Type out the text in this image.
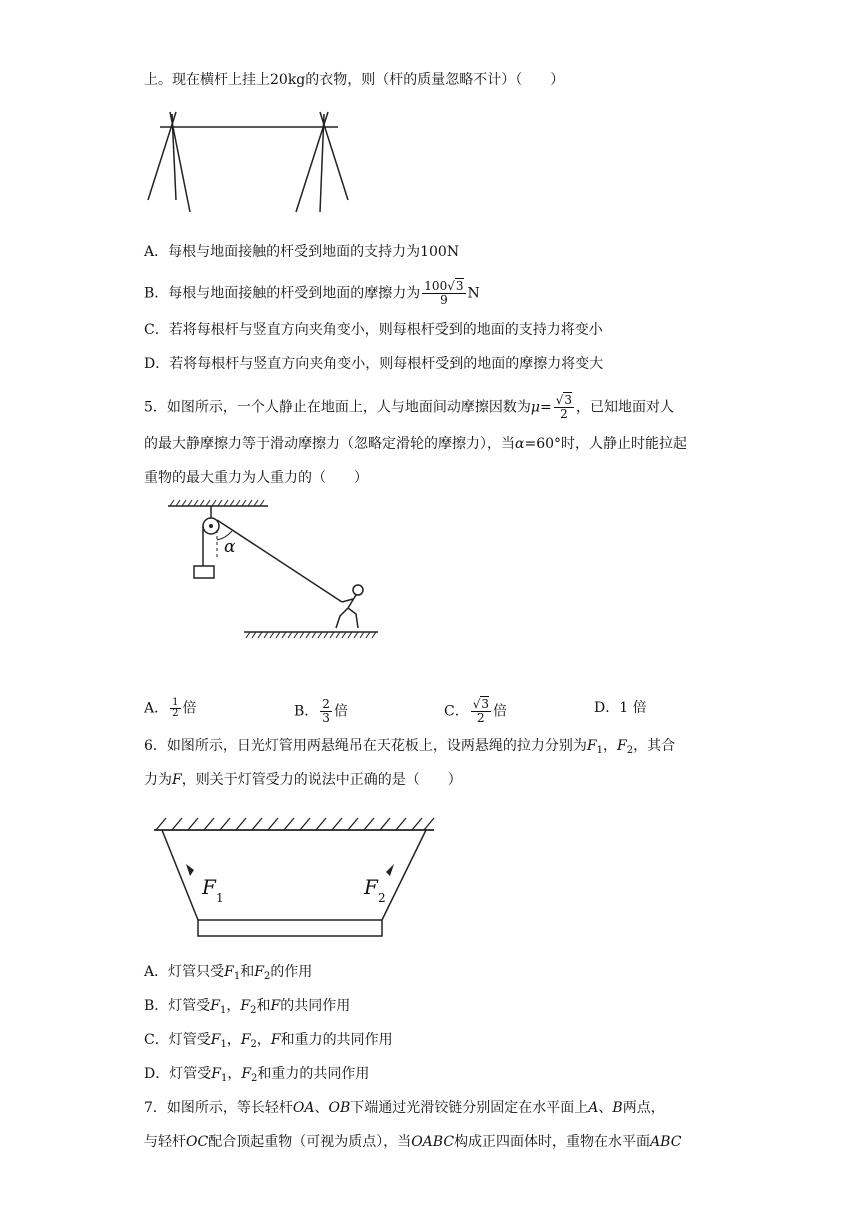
上。现在横杆上挂上20kg的衣物，则（杆的质量忽略不计）（　　）
A．每根与地面接触的杆受到地面的支持力为100N
B．每根与地面接触的杆受到地面的摩擦力为 $\frac{100√3}{9}$ N
C．若将每根杆与竖直方向夹角变小，则每根杆受到的地面的支持力将变小
D．若将每根杆与竖直方向夹角变小，则每根杆受到的地面的摩擦力将变大
5．如图所示，一个人静止在地面上，人与地面间动摩擦因数为$\mu= \frac{√3}{2}$ ，已知地面对人
的最大静摩擦力等于滑动摩擦力（忽略定滑轮的摩擦力），当α=60°时，人静止时能拉起
重物的最大重力为人重力的（　　）
α
A． $\frac{1}{2}$ 倍	B． $\frac{2}{3}$ 倍	C． $\frac{√3}{2}$ 倍	D．1 倍
6．如图所示，日光灯管用两悬绳吊在天花板上，设两悬绳的拉力分别为$F_1$，$F_2$，其合
力为F，则关于灯管受力的说法中正确的是（　　）
F 1	F 2
A．灯管只受$F_1$和$F_2$的作用
B．灯管受$F_1$，$F_2$和F的共同作用
C．灯管受$F_1$，$F_2$，F和重力的共同作用
D．灯管受$F_1$，$F_2$和重力的共同作用
7．如图所示，等长轻杆OA、OB下端通过光滑铰链分别固定在水平面上A、B两点，
与轻杆OC配合顶起重物（可视为质点），当OABC构成正四面体时，重物在水平面ABC
